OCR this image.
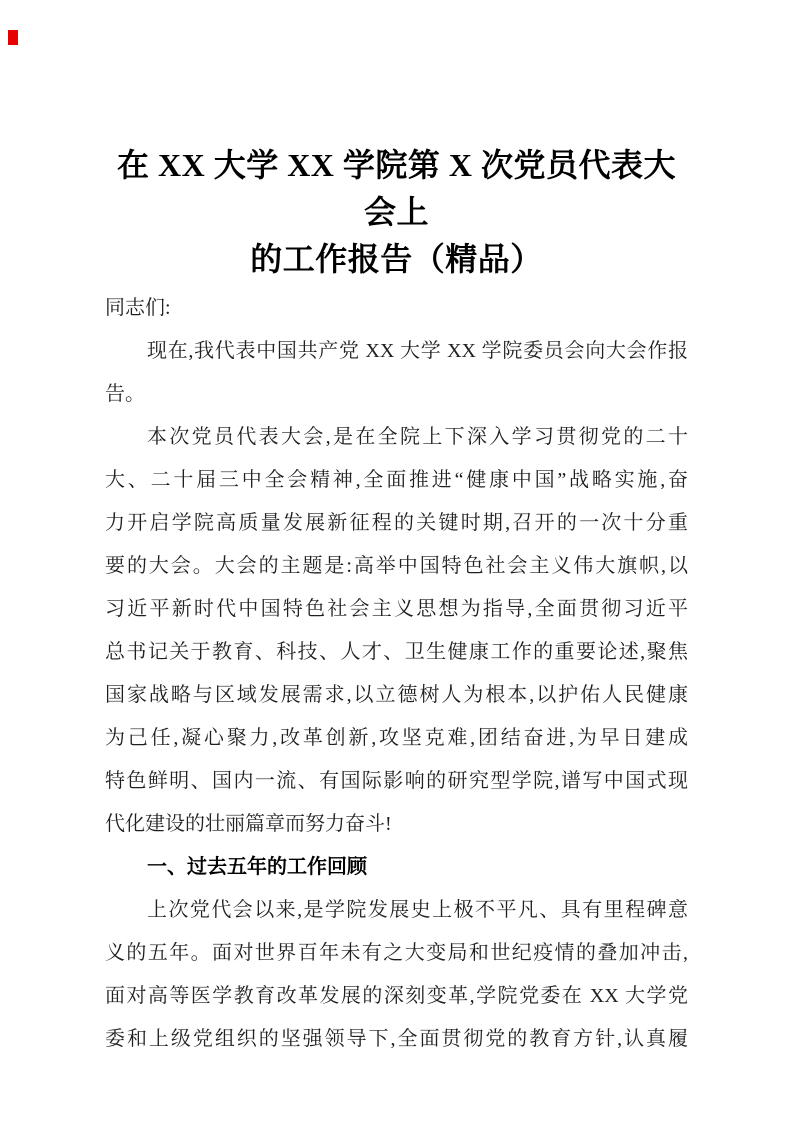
在 XX 大学 XX 学院第 X 次党员代表大会上
的工作报告（精品）
同志们:
现在,我代表中国共产党 XX 大学 XX 学院委员会向大会作报
告。
本次党员代表大会,是在全院上下深入学习贯彻党的二十
大、二十届三中全会精神,全面推进“健康中国”战略实施,奋
力开启学院高质量发展新征程的关键时期,召开的一次十分重
要的大会。大会的主题是:高举中国特色社会主义伟大旗帜,以
习近平新时代中国特色社会主义思想为指导,全面贯彻习近平
总书记关于教育、科技、人才、卫生健康工作的重要论述,聚焦
国家战略与区域发展需求,以立德树人为根本,以护佑人民健康
为己任,凝心聚力,改革创新,攻坚克难,团结奋进,为早日建成
特色鲜明、国内一流、有国际影响的研究型学院,谱写中国式现
代化建设的壮丽篇章而努力奋斗!
一、过去五年的工作回顾
上次党代会以来,是学院发展史上极不平凡、具有里程碑意
义的五年。面对世界百年未有之大变局和世纪疫情的叠加冲击,
面对高等医学教育改革发展的深刻变革,学院党委在 XX 大学党
委和上级党组织的坚强领导下,全面贯彻党的教育方针,认真履
